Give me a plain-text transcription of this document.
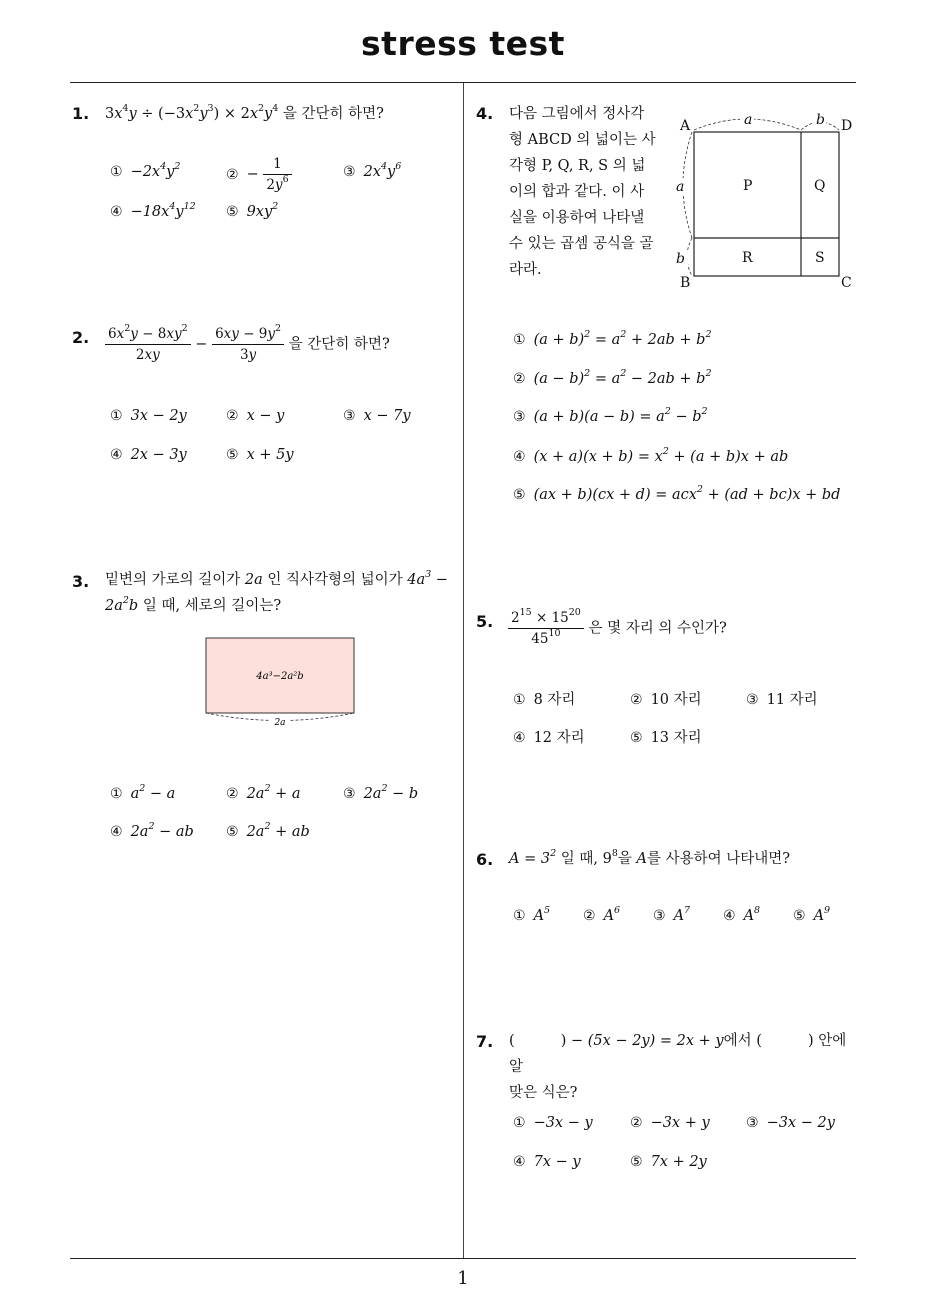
stress test
1
1. $3x^4y \div (-3x^2y^3) \times 2x^2y^4$ 을 간단히 하면?
① $-2x^4y^2$	② − $\frac{1}{2y^6}$	③ $2x^4y^6$
④ $-18x^4y^{12}$ ⑤ $9xy^2$
2. $\frac{6x^2y - 8xy^2}{2xy} - \frac{6xy - 9y^2}{3y}$ 을 간단히 하면?
① 3x − 2y	② x − y	③ x − 7y
④ 2x − 3y	⑤ x + 5y
3. 밑변의 가로의 길이가 2a 인 직사각형의 넓이가 $4a^3$ −
$2a^2b$ 일 때, 세로의 길이는?
4a³−2a²b
2a
① $a^2 - a$	② $2a^2 + a$	③ $2a^2 - b$
④ $2a^2$ − ab ⑤ $2a^2$ + ab
4. 다음 그림에서 정사각
형 ABCD 의 넓이는 사
각형 P, Q, R, S 의 넓
이의 합과 같다. 이 사
실을 이용하여 나타낼
수 있는 곱셈 공식을 골
라라.
A
B	C
D
a	b
a
b
P	Q
R	S
① $(a + b)^2 = a^2 + 2ab + b^2$
② $(a - b)^2 = a^2 - 2ab + b^2$
③ $(a + b)(a - b) = a^2 - b^2$
④ $(x + a)(x + b) = x^2 + (a + b)x$ + ab
⑤ (ax + b)(cx + d) = acx$^2$ + (ad + bc)x + bd
5. $\frac{2^{15} \times 15^{20}}{45^{10}}$ 은 몇 자리 의 수인가?
① 8 자리	② 10 자리	③ 11 자리
④ 12 자리	⑤ 13 자리
6. $A = 3^2$ 일 때, $9^8$을 A를 사용하여 나타내면?
① $A^5$ ② $A^6$ ③ $A^7$ ④ $A^8$ ⑤ $A^9$
7. (          ) − (5x − 2y) = 2x + y에서 (	) 안에 알
맞은 식은?
① −3x − y	② −3x + y	③ −3x − 2y
④ 7x − y	⑤ 7x + 2y
